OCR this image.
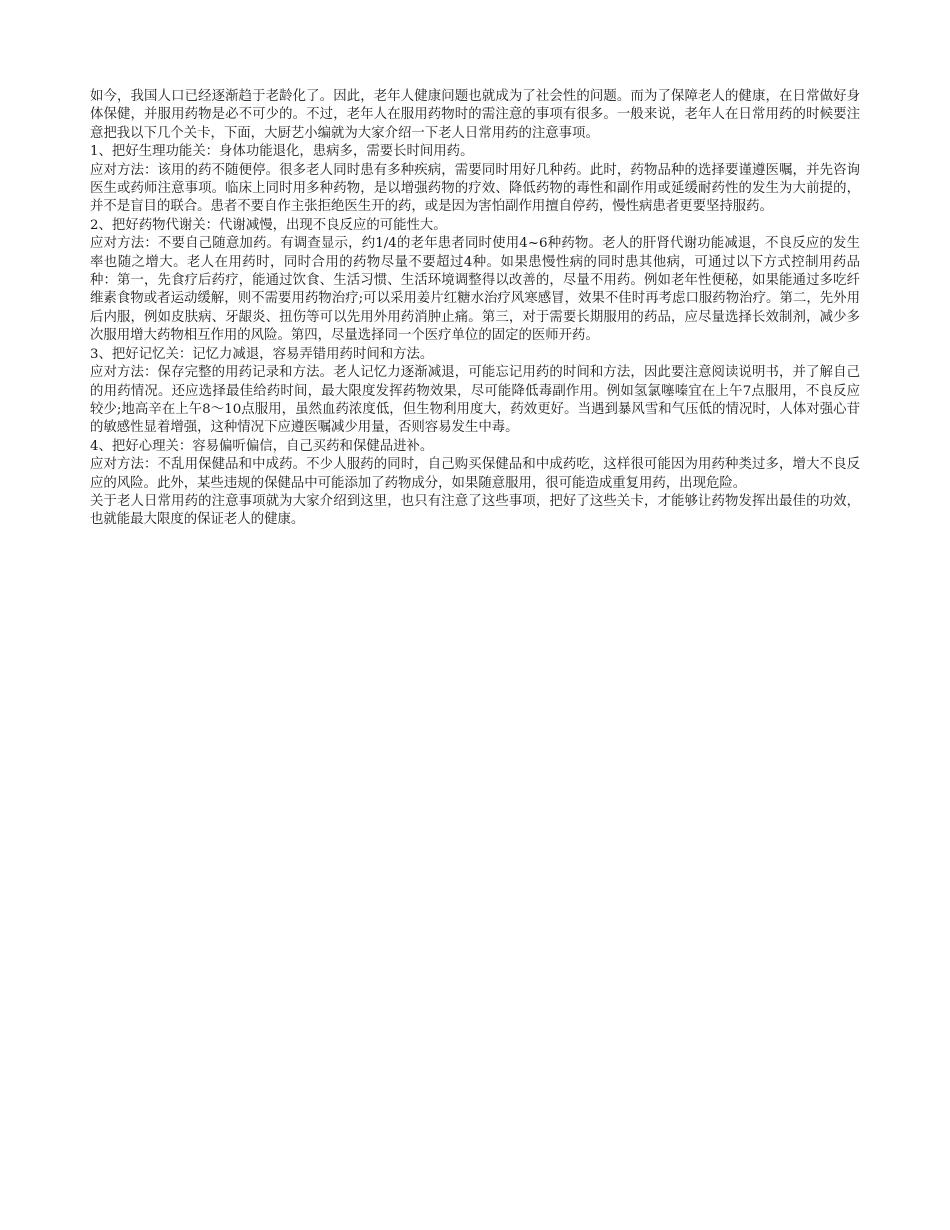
如今，我国人口已经逐渐趋于老龄化了。因此，老年人健康问题也就成为了社会性的问题。而为了保障老人的健康，在日常做好身体保健，并服用药物是必不可少的。不过，老年人在服用药物时的需注意的事项有很多。一般来说，老年人在日常用药的时候要注意把我以下几个关卡，下面，大厨艺小编就为大家介绍一下老人日常用药的注意事项。

1、把好生理功能关：身体功能退化，患病多，需要长时间用药。

应对方法：该用的药不随便停。很多老人同时患有多种疾病，需要同时用好几种药。此时，药物品种的选择要谨遵医嘱，并先咨询医生或药师注意事项。临床上同时用多种药物，是以增强药物的疗效、降低药物的毒性和副作用或延缓耐药性的发生为大前提的，并不是盲目的联合。患者不要自作主张拒绝医生开的药，或是因为害怕副作用擅自停药，慢性病患者更要坚持服药。

2、把好药物代谢关：代谢减慢，出现不良反应的可能性大。

应对方法：不要自己随意加药。有调查显示，约1/4的老年患者同时使用4~6种药物。老人的肝肾代谢功能减退，不良反应的发生率也随之增大。老人在用药时，同时合用的药物尽量不要超过4种。如果患慢性病的同时患其他病，可通过以下方式控制用药品种：第一，先食疗后药疗，能通过饮食、生活习惯、生活环境调整得以改善的，尽量不用药。例如老年性便秘，如果能通过多吃纤维素食物或者运动缓解，则不需要用药物治疗;可以采用姜片红糖水治疗风寒感冒，效果不佳时再考虑口服药物治疗。第二，先外用后内服，例如皮肤病、牙龈炎、扭伤等可以先用外用药消肿止痛。第三，对于需要长期服用的药品，应尽量选择长效制剂，减少多次服用增大药物相互作用的风险。第四，尽量选择同一个医疗单位的固定的医师开药。

3、把好记忆关：记忆力减退，容易弄错用药时间和方法。

应对方法：保存完整的用药记录和方法。老人记忆力逐渐减退，可能忘记用药的时间和方法，因此要注意阅读说明书，并了解自己的用药情况。还应选择最佳给药时间，最大限度发挥药物效果，尽可能降低毒副作用。例如氢氯噻嗪宜在上午7点服用，不良反应较少;地高辛在上午8～10点服用，虽然血药浓度低，但生物利用度大，药效更好。当遇到暴风雪和气压低的情况时，人体对强心苷的敏感性显着增强，这种情况下应遵医嘱减少用量，否则容易发生中毒。

4、把好心理关：容易偏听偏信，自己买药和保健品进补。

应对方法：不乱用保健品和中成药。不少人服药的同时，自己购买保健品和中成药吃，这样很可能因为用药种类过多，增大不良反应的风险。此外，某些违规的保健品中可能添加了药物成分，如果随意服用，很可能造成重复用药，出现危险。

关于老人日常用药的注意事项就为大家介绍到这里，也只有注意了这些事项，把好了这些关卡，才能够让药物发挥出最佳的功效，也就能最大限度的保证老人的健康。
